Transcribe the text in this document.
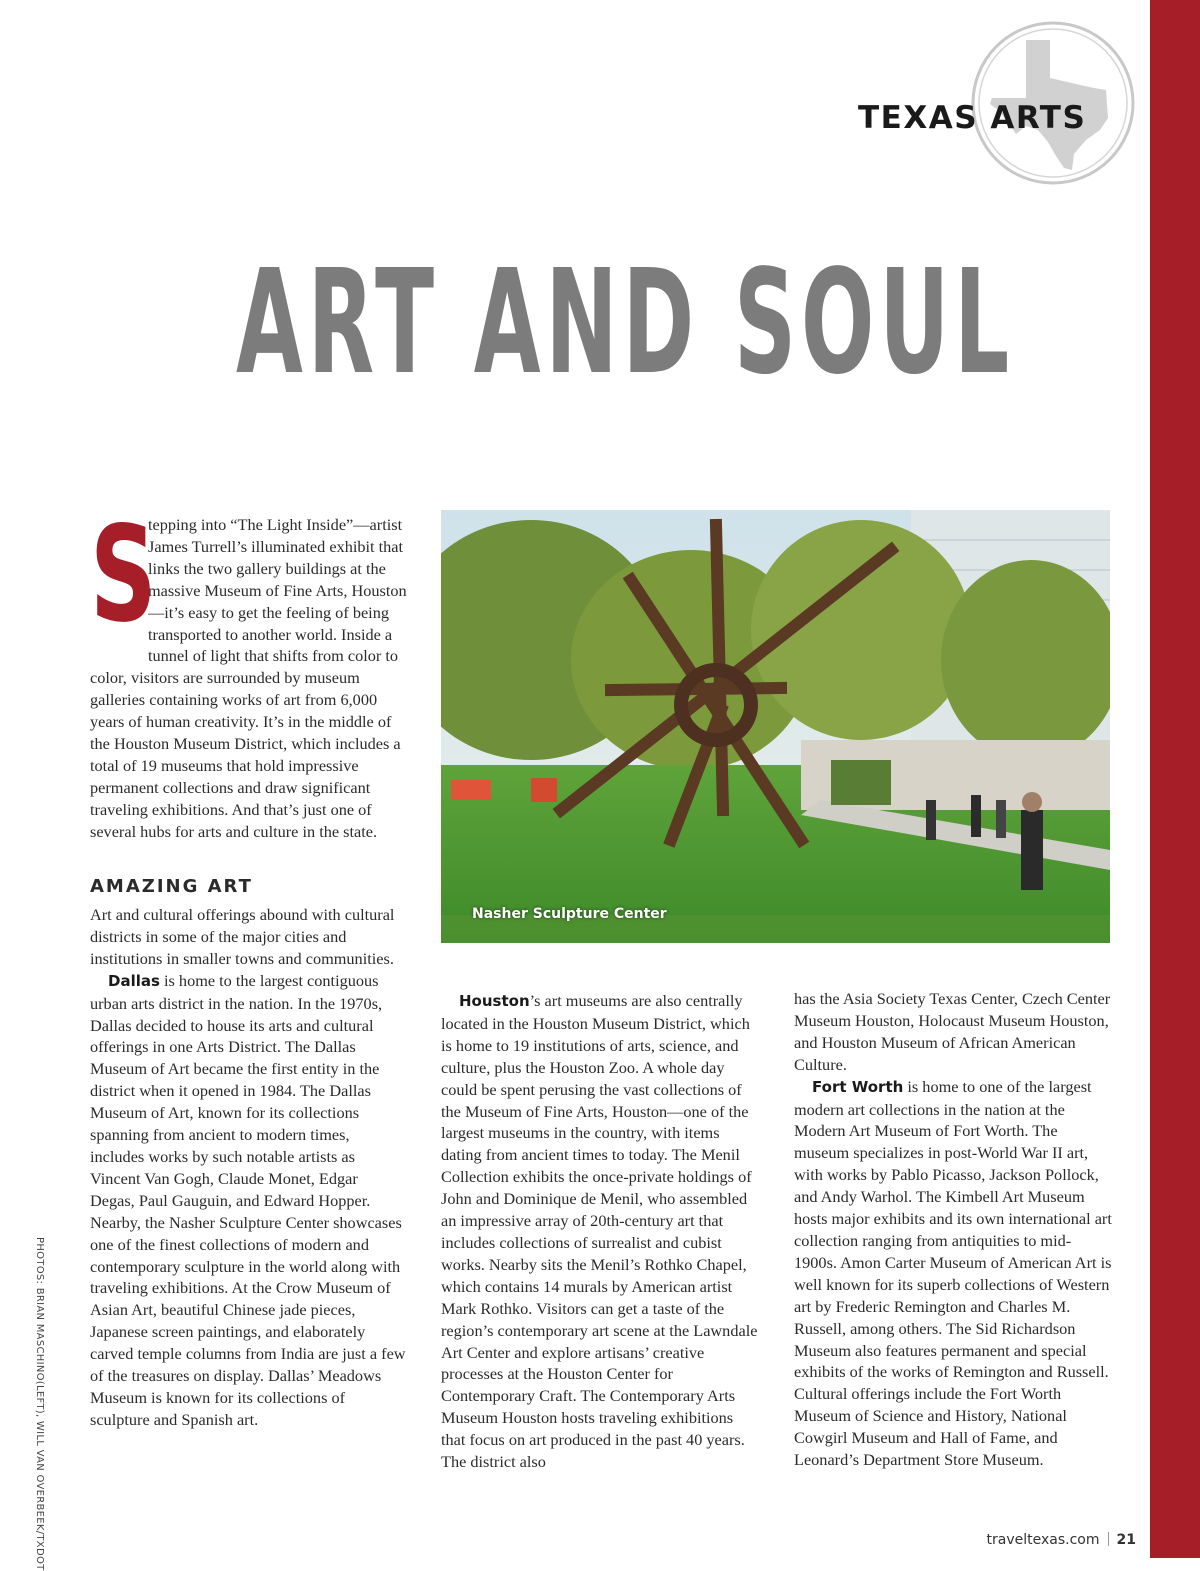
TEXAS ARTS
ART AND SOUL
S
tepping into “The Light Inside”—artist James Turrell’s illuminated exhibit that links the two gallery buildings at the massive Museum of Fine Arts, Houston—it’s easy to get the feeling of being transported to another world. Inside a tunnel of light that shifts from color to color, visitors are surrounded by museum galleries containing works of art from 6,000 years of human creativity. It’s in the middle of the Houston Museum District, which includes a total of 19 museums that hold impressive permanent collections and draw significant traveling exhibitions. And that’s just one of several hubs for arts and culture in the state.
AMAZING ART

Art and cultural offerings abound with cultural districts in some of the major cities and institutions in smaller towns and communities.

Dallas is home to the largest contiguous urban arts district in the nation. In the 1970s, Dallas decided to house its arts and cultural offerings in one Arts District. The Dallas Museum of Art became the first entity in the district when it opened in 1984. The Dallas Museum of Art, known for its collections spanning from ancient to modern times, includes works by such notable artists as Vincent Van Gogh, Claude Monet, Edgar Degas, Paul Gauguin, and Edward Hopper. Nearby, the Nasher Sculpture Center showcases one of the finest collections of modern and contemporary sculpture in the world along with traveling exhibitions. At the Crow Museum of Asian Art, beautiful Chinese jade pieces, Japanese screen paintings, and elaborately carved temple columns from India are just a few of the treasures on display. Dallas’ Meadows Museum is known for its collections of sculpture and Spanish art.

Nasher Sculpture Center

Houston’s art museums are also centrally located in the Houston Museum District, which is home to 19 institutions of arts, science, and culture, plus the Houston Zoo. A whole day could be spent perusing the vast collections of the Museum of Fine Arts, Houston—one of the largest museums in the country, with items dating from ancient times to today. The Menil Collection exhibits the once-private holdings of John and Dominique de Menil, who assembled an impressive array of 20th-century art that includes collections of surrealist and cubist works. Nearby sits the Menil’s Rothko Chapel, which contains 14 murals by American artist Mark Rothko. Visitors can get a taste of the region’s contemporary art scene at the Lawndale Art Center and explore artisans’ creative processes at the Houston Center for Contemporary Craft. The Contemporary Arts Museum Houston hosts traveling exhibitions that focus on art produced in the past 40 years. The district also

has the Asia Society Texas Center, Czech Center Museum Houston, Holocaust Museum Houston, and Houston Museum of African American Culture.

Fort Worth is home to one of the largest modern art collections in the nation at the Modern Art Museum of Fort Worth. The museum specializes in post-World War II art, with works by Pablo Picasso, Jackson Pollock, and Andy Warhol. The Kimbell Art Museum hosts major exhibits and its own international art collection ranging from antiquities to mid-1900s. Amon Carter Museum of American Art is well known for its superb collections of Western art by Frederic Remington and Charles M. Russell, among others. The Sid Richardson Museum also features permanent and special exhibits of the works of Remington and Russell. Cultural offerings include the Fort Worth Museum of Science and History, National Cowgirl Museum and Hall of Fame, and Leonard’s Department Store Museum.

PHOTOS: BRIAN MASCHINO(LEFT), WILL VAN OVERBEEK/TXDOT	traveltexas.com 21
